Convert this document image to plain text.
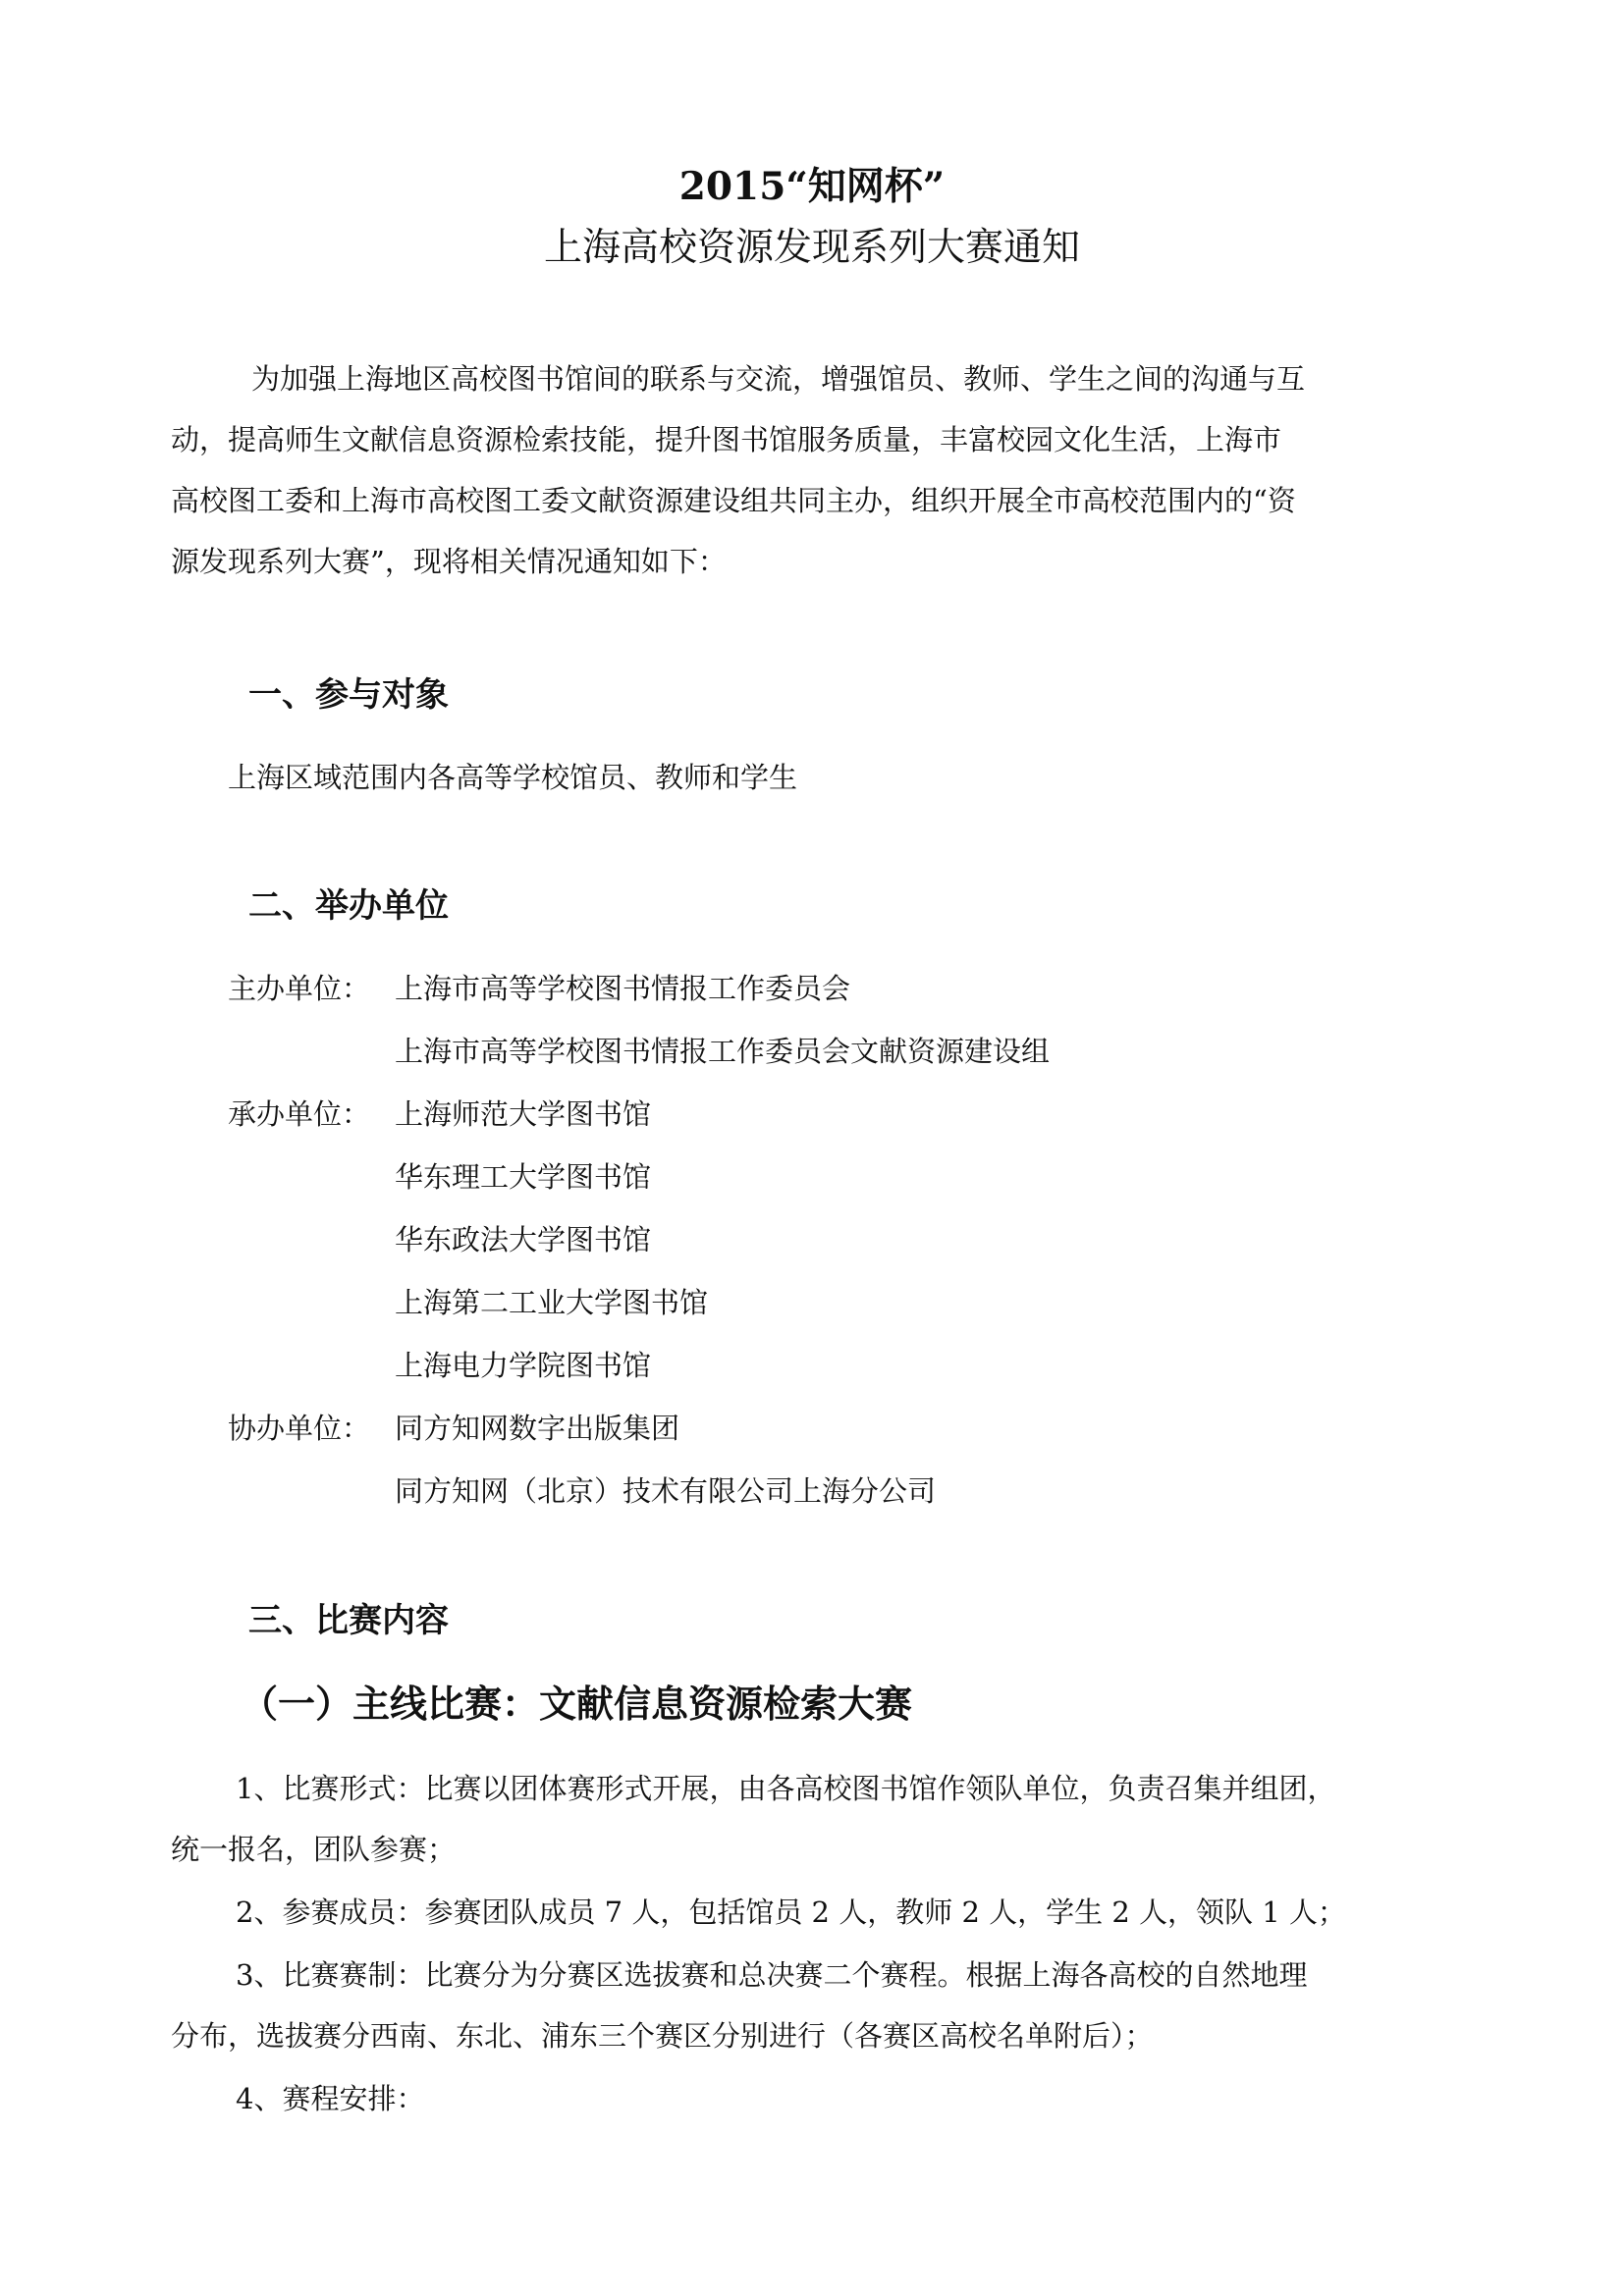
2015“知网杯”
上海高校资源发现系列大赛通知
为加强上海地区高校图书馆间的联系与交流，增强馆员、教师、学生之间的沟通与互
动，提高师生文献信息资源检索技能，提升图书馆服务质量，丰富校园文化生活，上海市
高校图工委和上海市高校图工委文献资源建设组共同主办，组织开展全市高校范围内的“资
源发现系列大赛”，现将相关情况通知如下：
一、参与对象
上海区域范围内各高等学校馆员、教师和学生
二、举办单位
主办单位： 上海市高等学校图书情报工作委员会
上海市高等学校图书情报工作委员会文献资源建设组
承办单位： 上海师范大学图书馆
华东理工大学图书馆
华东政法大学图书馆
上海第二工业大学图书馆
上海电力学院图书馆
协办单位： 同方知网数字出版集团
同方知网（北京）技术有限公司上海分公司
三、比赛内容
（一）主线比赛：文献信息资源检索大赛
1、比赛形式：比赛以团体赛形式开展，由各高校图书馆作领队单位，负责召集并组团，
统一报名，团队参赛；
2、参赛成员：参赛团队成员 7 人，包括馆员 2 人，教师 2 人，学生 2 人，领队 1 人；
3、比赛赛制：比赛分为分赛区选拔赛和总决赛二个赛程。根据上海各高校的自然地理
分布，选拔赛分西南、东北、浦东三个赛区分别进行（各赛区高校名单附后）；
4、赛程安排：
